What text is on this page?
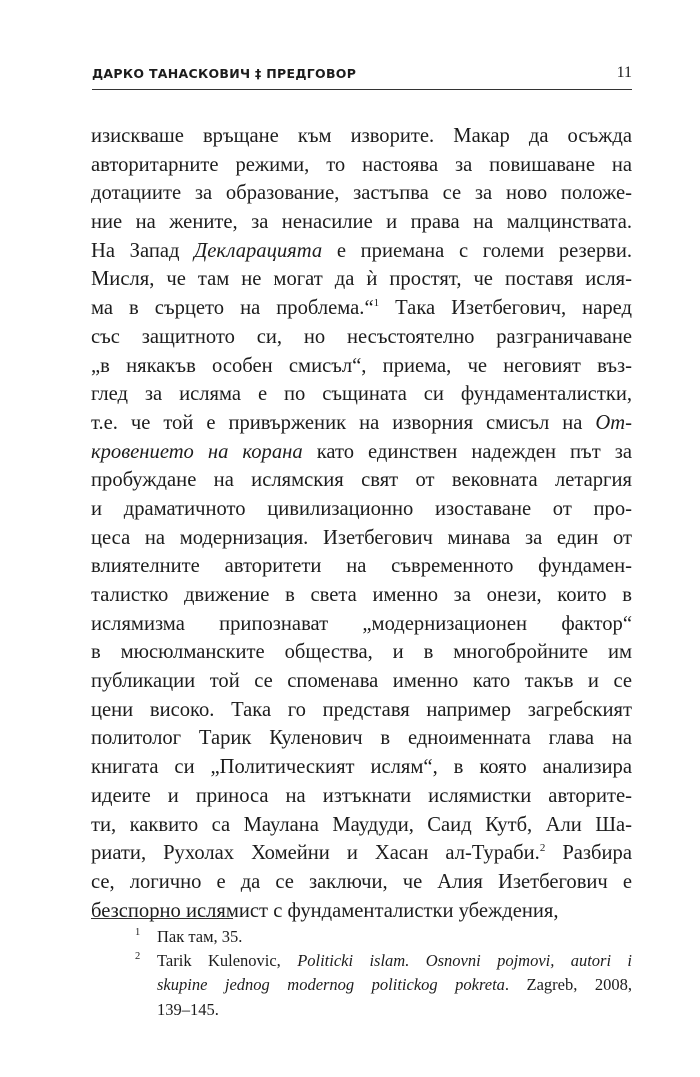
ДАРКО ТАНАСКОВИЧ ‡ ПРЕДГОВОР	11
изискваше връщане към изворите. Макар да осъжда
авторитарните режими, то настоява за повишаване на
дотациите за образование, застъпва се за ново положе-
ние на жените, за ненасилие и права на малцинствата.
На Запад Декларацията е приемана с големи резерви.
Мисля, че там не могат да ѝ простят, че поставя исля-
ма в сърцето на проблема.“$^1$ Така Изетбегович, наред
със защитното си, но несъстоятелно разграничаване
„в някакъв особен смисъл“, приема, че неговият въз-
глед за исляма е по същината си фундаменталистки,
т.е. че той е привърженик на изворния смисъл на От-
кровението на корана като единствен надежден път за
пробуждане на ислямския свят от вековната летаргия
и драматичното цивилизационно изоставане от про-
цеса на модернизация. Изетбегович минава за един от
влиятелните авторитети на съвременното фундамен-
талистко движение в света именно за онези, които в
ислямизма припознават „модернизационен фактор“
в мюсюлманските общества, и в многобройните им
публикации той се споменава именно като такъв и се
цени високо. Така го представя например загребският
политолог Тарик Куленович в едноименната глава на
книгата си „Политическият ислям“, в която анализира
идеите и приноса на изтъкнати ислямистки авторите-
ти, каквито са Маулана Маудуди, Саид Кутб, Али Ша-
риати, Рухолах Хомейни и Хасан ал-Тураби.$^2$ Разбира
се, логично е да се заключи, че Алия Изетбегович е
безспорно ислямист с фундаменталистки убеждения,
1 Пак там, 35.
2 Tarik Kulenovic, Politicki islam. Osnovni pojmovi, autori i
skupine jednog modernog politickog pokreta. Zagreb, 2008,
139–145.
